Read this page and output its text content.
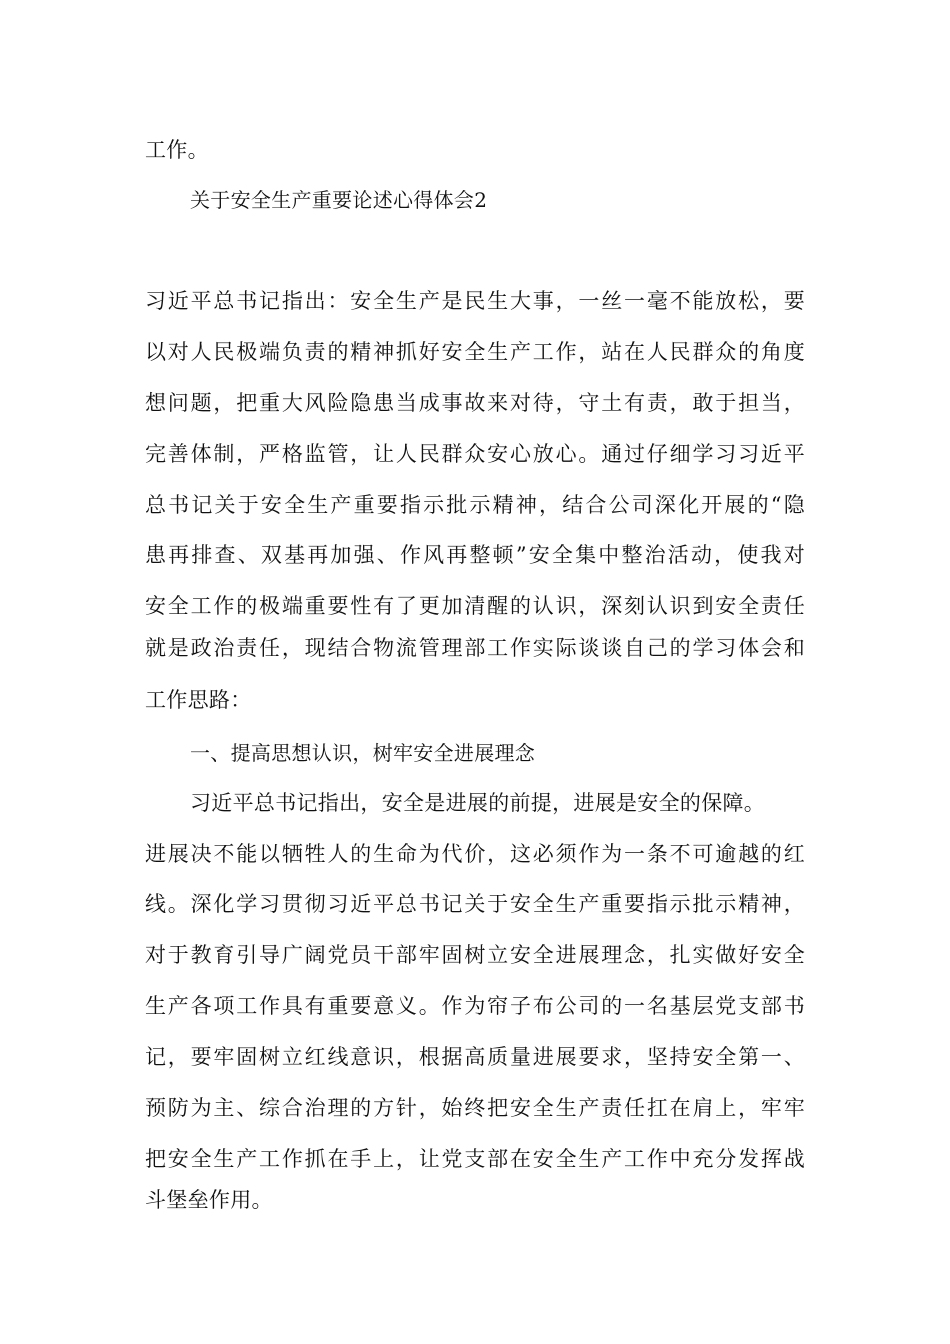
工作。
关于安全生产重要论述心得体会2
习近平总书记指出：安全生产是民生大事，一丝一毫不能放松，要
以对人民极端负责的精神抓好安全生产工作，站在人民群众的角度
想问题，把重大风险隐患当成事故来对待，守土有责，敢于担当，
完善体制，严格监管，让人民群众安心放心。通过仔细学习习近平
总书记关于安全生产重要指示批示精神，结合公司深化开展的“隐
患再排查、双基再加强、作风再整顿”安全集中整治活动，使我对
安全工作的极端重要性有了更加清醒的认识，深刻认识到安全责任
就是政治责任，现结合物流管理部工作实际谈谈自己的学习体会和
工作思路：
一、提高思想认识，树牢安全进展理念
习近平总书记指出，安全是进展的前提，进展是安全的保障。
进展决不能以牺牲人的生命为代价，这必须作为一条不可逾越的红
线。深化学习贯彻习近平总书记关于安全生产重要指示批示精神，
对于教育引导广阔党员干部牢固树立安全进展理念，扎实做好安全
生产各项工作具有重要意义。作为帘子布公司的一名基层党支部书
记，要牢固树立红线意识，根据高质量进展要求，坚持安全第一、
预防为主、综合治理的方针，始终把安全生产责任扛在肩上，牢牢
把安全生产工作抓在手上，让党支部在安全生产工作中充分发挥战
斗堡垒作用。
